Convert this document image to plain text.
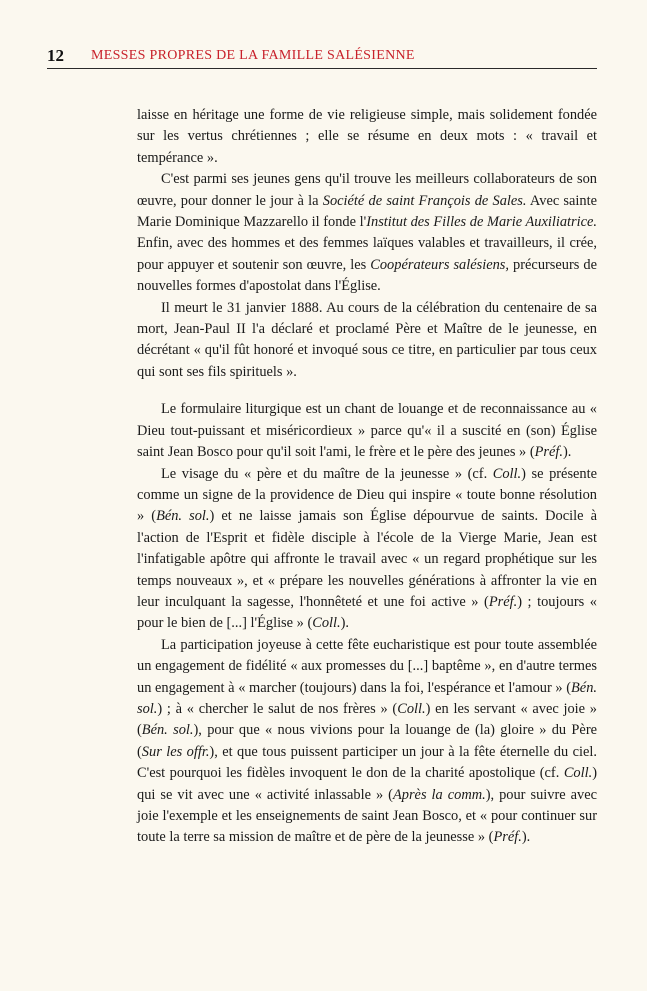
12 MESSES PROPRES DE LA FAMILLE SALÉSIENNE

laisse en héritage une forme de vie religieuse simple, mais solidement fondée sur les vertus chrétiennes ; elle se résume en deux mots : « travail et tempérance ».

C'est parmi ses jeunes gens qu'il trouve les meilleurs collaborateurs de son œuvre, pour donner le jour à la Société de saint François de Sales. Avec sainte Marie Dominique Mazzarello il fonde l'Institut des Filles de Marie Auxiliatrice. Enfin, avec des hommes et des femmes laïques valables et travailleurs, il crée, pour appuyer et soutenir son œuvre, les Coopérateurs salésiens, précurseurs de nouvelles formes d'apostolat dans l'Église.

Il meurt le 31 janvier 1888. Au cours de la célébration du centenaire de sa mort, Jean-Paul II l'a déclaré et proclamé Père et Maître de le jeunesse, en décrétant « qu'il fût honoré et invoqué sous ce titre, en particulier par tous ceux qui sont ses fils spirituels ».

Le formulaire liturgique est un chant de louange et de reconnaissance au « Dieu tout-puissant et miséricordieux » parce qu'« il a suscité en (son) Église saint Jean Bosco pour qu'il soit l'ami, le frère et le père des jeunes » (Préf.).

Le visage du « père et du maître de la jeunesse » (cf. Coll.) se présente comme un signe de la providence de Dieu qui inspire « toute bonne résolution » (Bén. sol.) et ne laisse jamais son Église dépourvue de saints. Docile à l'action de l'Esprit et fidèle disciple à l'école de la Vierge Marie, Jean est l'infatigable apôtre qui affronte le travail avec « un regard prophétique sur les temps nouveaux », et « prépare les nouvelles générations à affronter la vie en leur inculquant la sagesse, l'honnêteté et une foi active » (Préf.) ; toujours « pour le bien de [...] l'Église » (Coll.).

La participation joyeuse à cette fête eucharistique est pour toute assemblée un engagement de fidélité « aux promesses du [...] baptême », en d'autre termes un engagement à « marcher (toujours) dans la foi, l'espérance et l'amour » (Bén. sol.) ; à « chercher le salut de nos frères » (Coll.) en les servant « avec joie » (Bén. sol.), pour que « nous vivions pour la louange de (la) gloire » du Père (Sur les offr.), et que tous puissent participer un jour à la fête éternelle du ciel. C'est pourquoi les fidèles invoquent le don de la charité apostolique (cf. Coll.) qui se vit avec une « activité inlassable » (Après la comm.), pour suivre avec joie l'exemple et les enseignements de saint Jean Bosco, et « pour continuer sur toute la terre sa mission de maître et de père de la jeunesse » (Préf.).
